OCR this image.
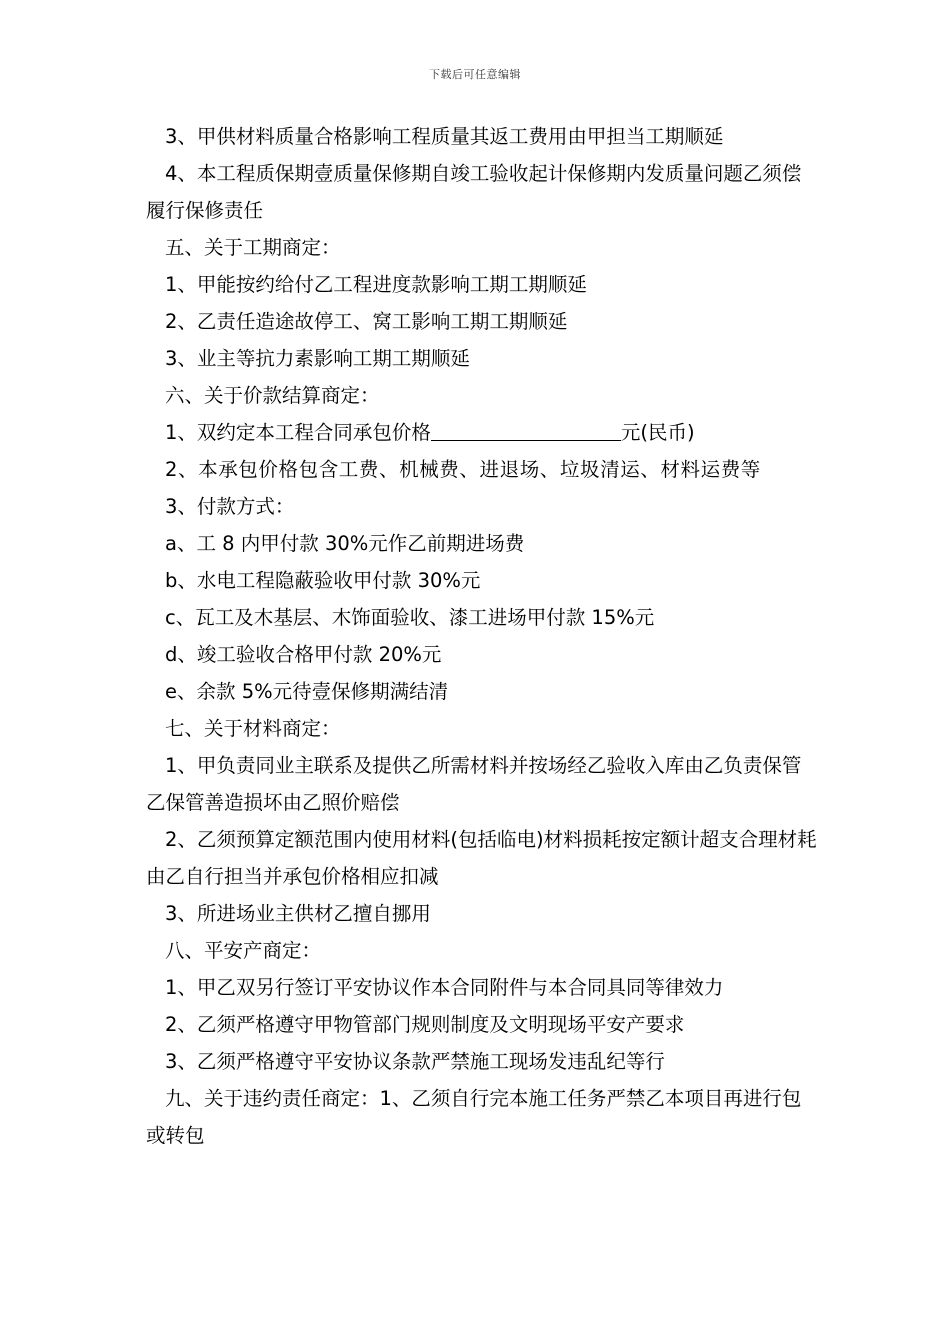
下载后可任意编辑

3、甲供材料质量合格影响工程质量其返工费用由甲担当工期顺延

4、本工程质保期壹质量保修期自竣工验收起计保修期内发质量问题乙须偿履行保修责任

五、关于工期商定：

1、甲能按约给付乙工程进度款影响工期工期顺延

2、乙责任造途故停工、窝工影响工期工期顺延

3、业主等抗力素影响工期工期顺延

六、关于价款结算商定：

1、双约定本工程合同承包价格	元(民币)

2、本承包价格包含工费、机械费、进退场、垃圾清运、材料运费等

3、付款方式：

a、工 8 内甲付款 30%元作乙前期进场费

b、水电工程隐蔽验收甲付款 30%元

c、瓦工及木基层、木饰面验收、漆工进场甲付款 15%元

d、竣工验收合格甲付款 20%元

e、余款 5%元待壹保修期满结清

七、关于材料商定：

1、甲负责同业主联系及提供乙所需材料并按场经乙验收入库由乙负责保管乙保管善造损坏由乙照价赔偿

2、乙须预算定额范围内使用材料(包括临电)材料损耗按定额计超支合理材耗由乙自行担当并承包价格相应扣减

3、所进场业主供材乙擅自挪用

八、平安产商定：

1、甲乙双另行签订平安协议作本合同附件与本合同具同等律效力

2、乙须严格遵守甲物管部门规则制度及文明现场平安产要求

3、乙须严格遵守平安协议条款严禁施工现场发违乱纪等行

九、关于违约责任商定：1、乙须自行完本施工任务严禁乙本项目再进行包或转包
